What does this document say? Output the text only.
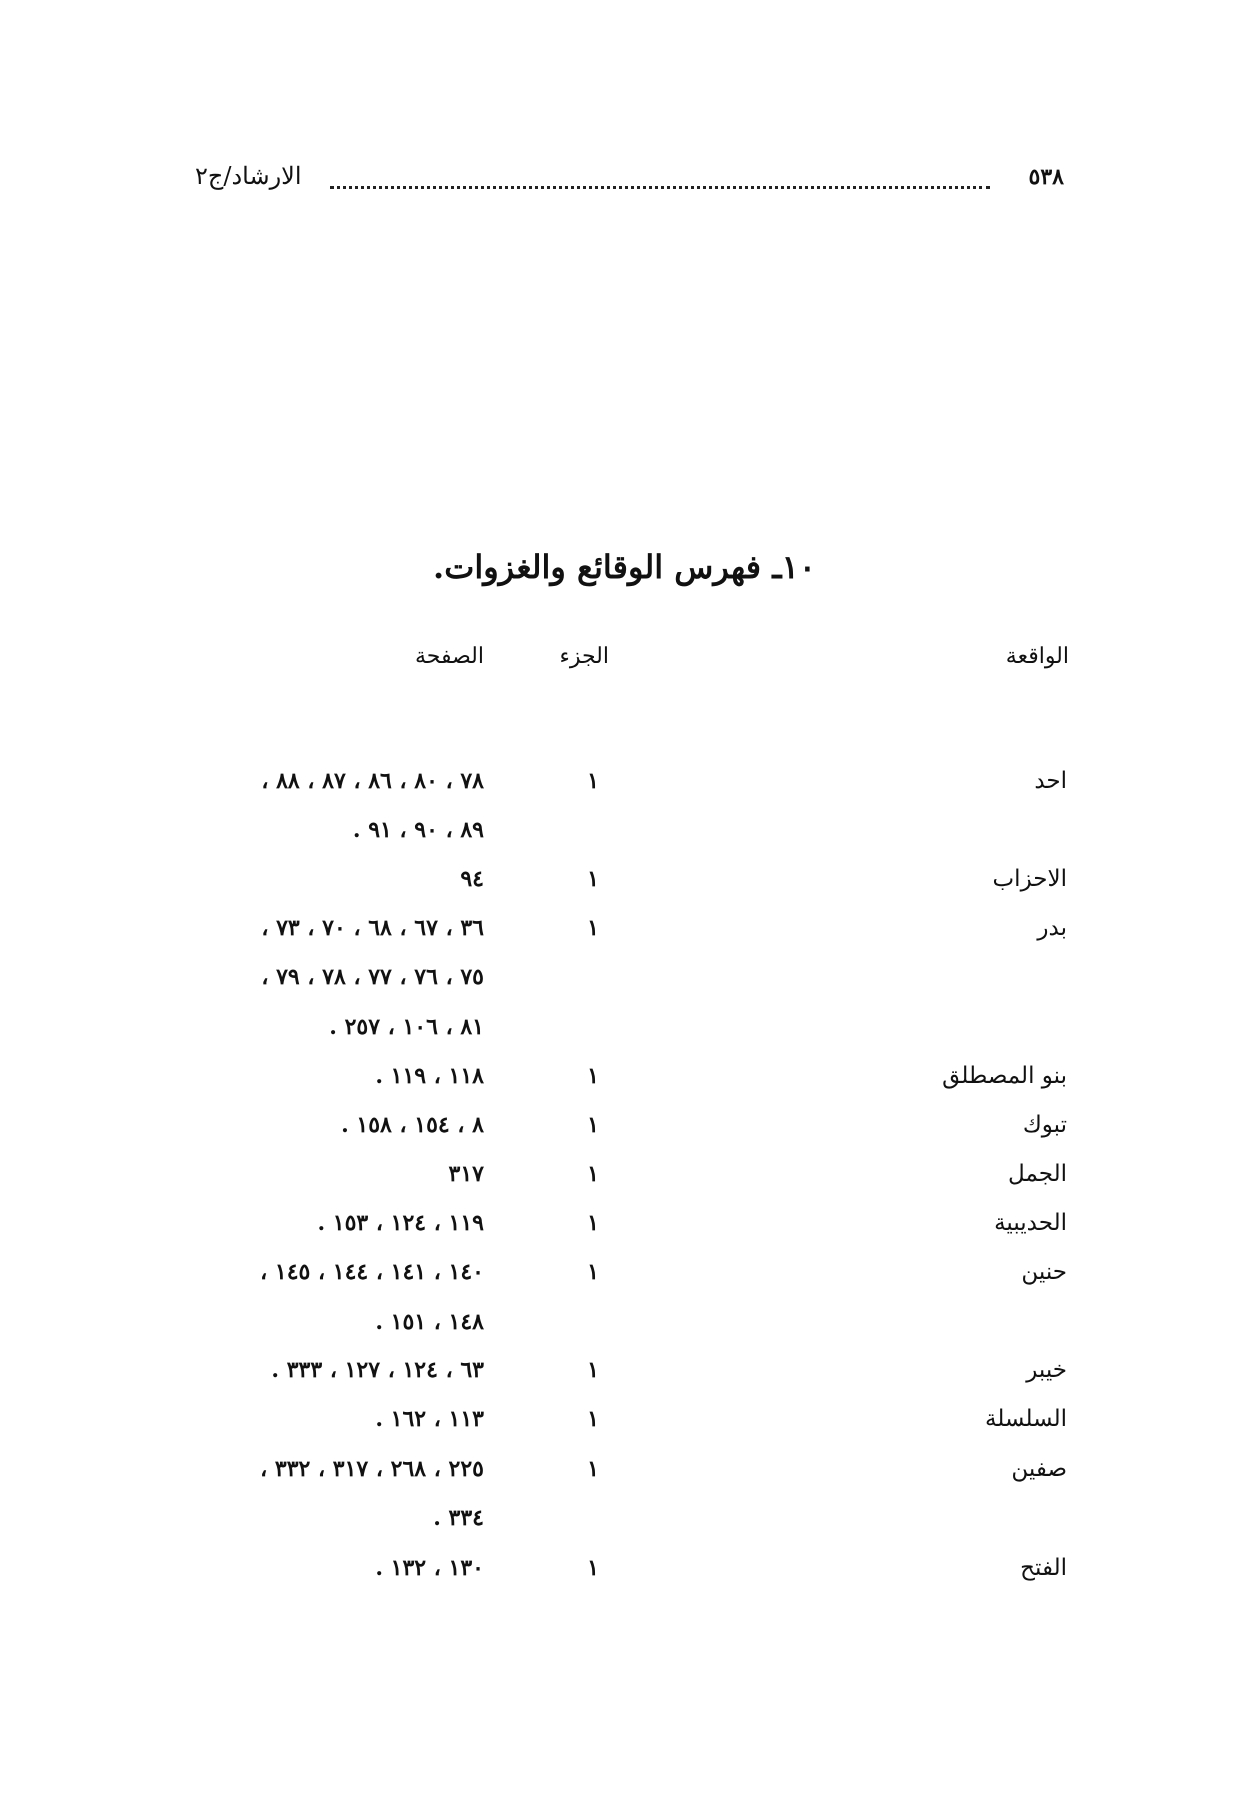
٥٣٨
الارشاد/ج٢
١٠ـ فهرس الوقائع والغزوات.
الواقعة
الجزء
الصفحة
احد
١
٧٨ ، ٨٠ ، ٨٦ ، ٨٧ ، ٨٨ ،
٨٩ ، ٩٠ ، ٩١ .
الاحزاب
١
٩٤
بدر
١
٣٦ ، ٦٧ ، ٦٨ ، ٧٠ ، ٧٣ ،
٧٥ ، ٧٦ ، ٧٧ ، ٧٨ ، ٧٩ ،
٨١ ، ١٠٦ ، ٢٥٧ .
بنو المصطلق
١
١١٨ ، ١١٩ .
تبوك
١
٨ ، ١٥٤ ، ١٥٨ .
الجمل
١
٣١٧
الحديبية
١
١١٩ ، ١٢٤ ، ١٥٣ .
حنين
١
١٤٠ ، ١٤١ ، ١٤٤ ، ١٤٥ ،
١٤٨ ، ١٥١ .
خيبر
١
٦٣ ، ١٢٤ ، ١٢٧ ، ٣٣٣ .
السلسلة
١
١١٣ ، ١٦٢ .
صفين
١
٢٢٥ ، ٢٦٨ ، ٣١٧ ، ٣٣٢ ،
٣٣٤ .
الفتح
١
١٣٠ ، ١٣٢ .
